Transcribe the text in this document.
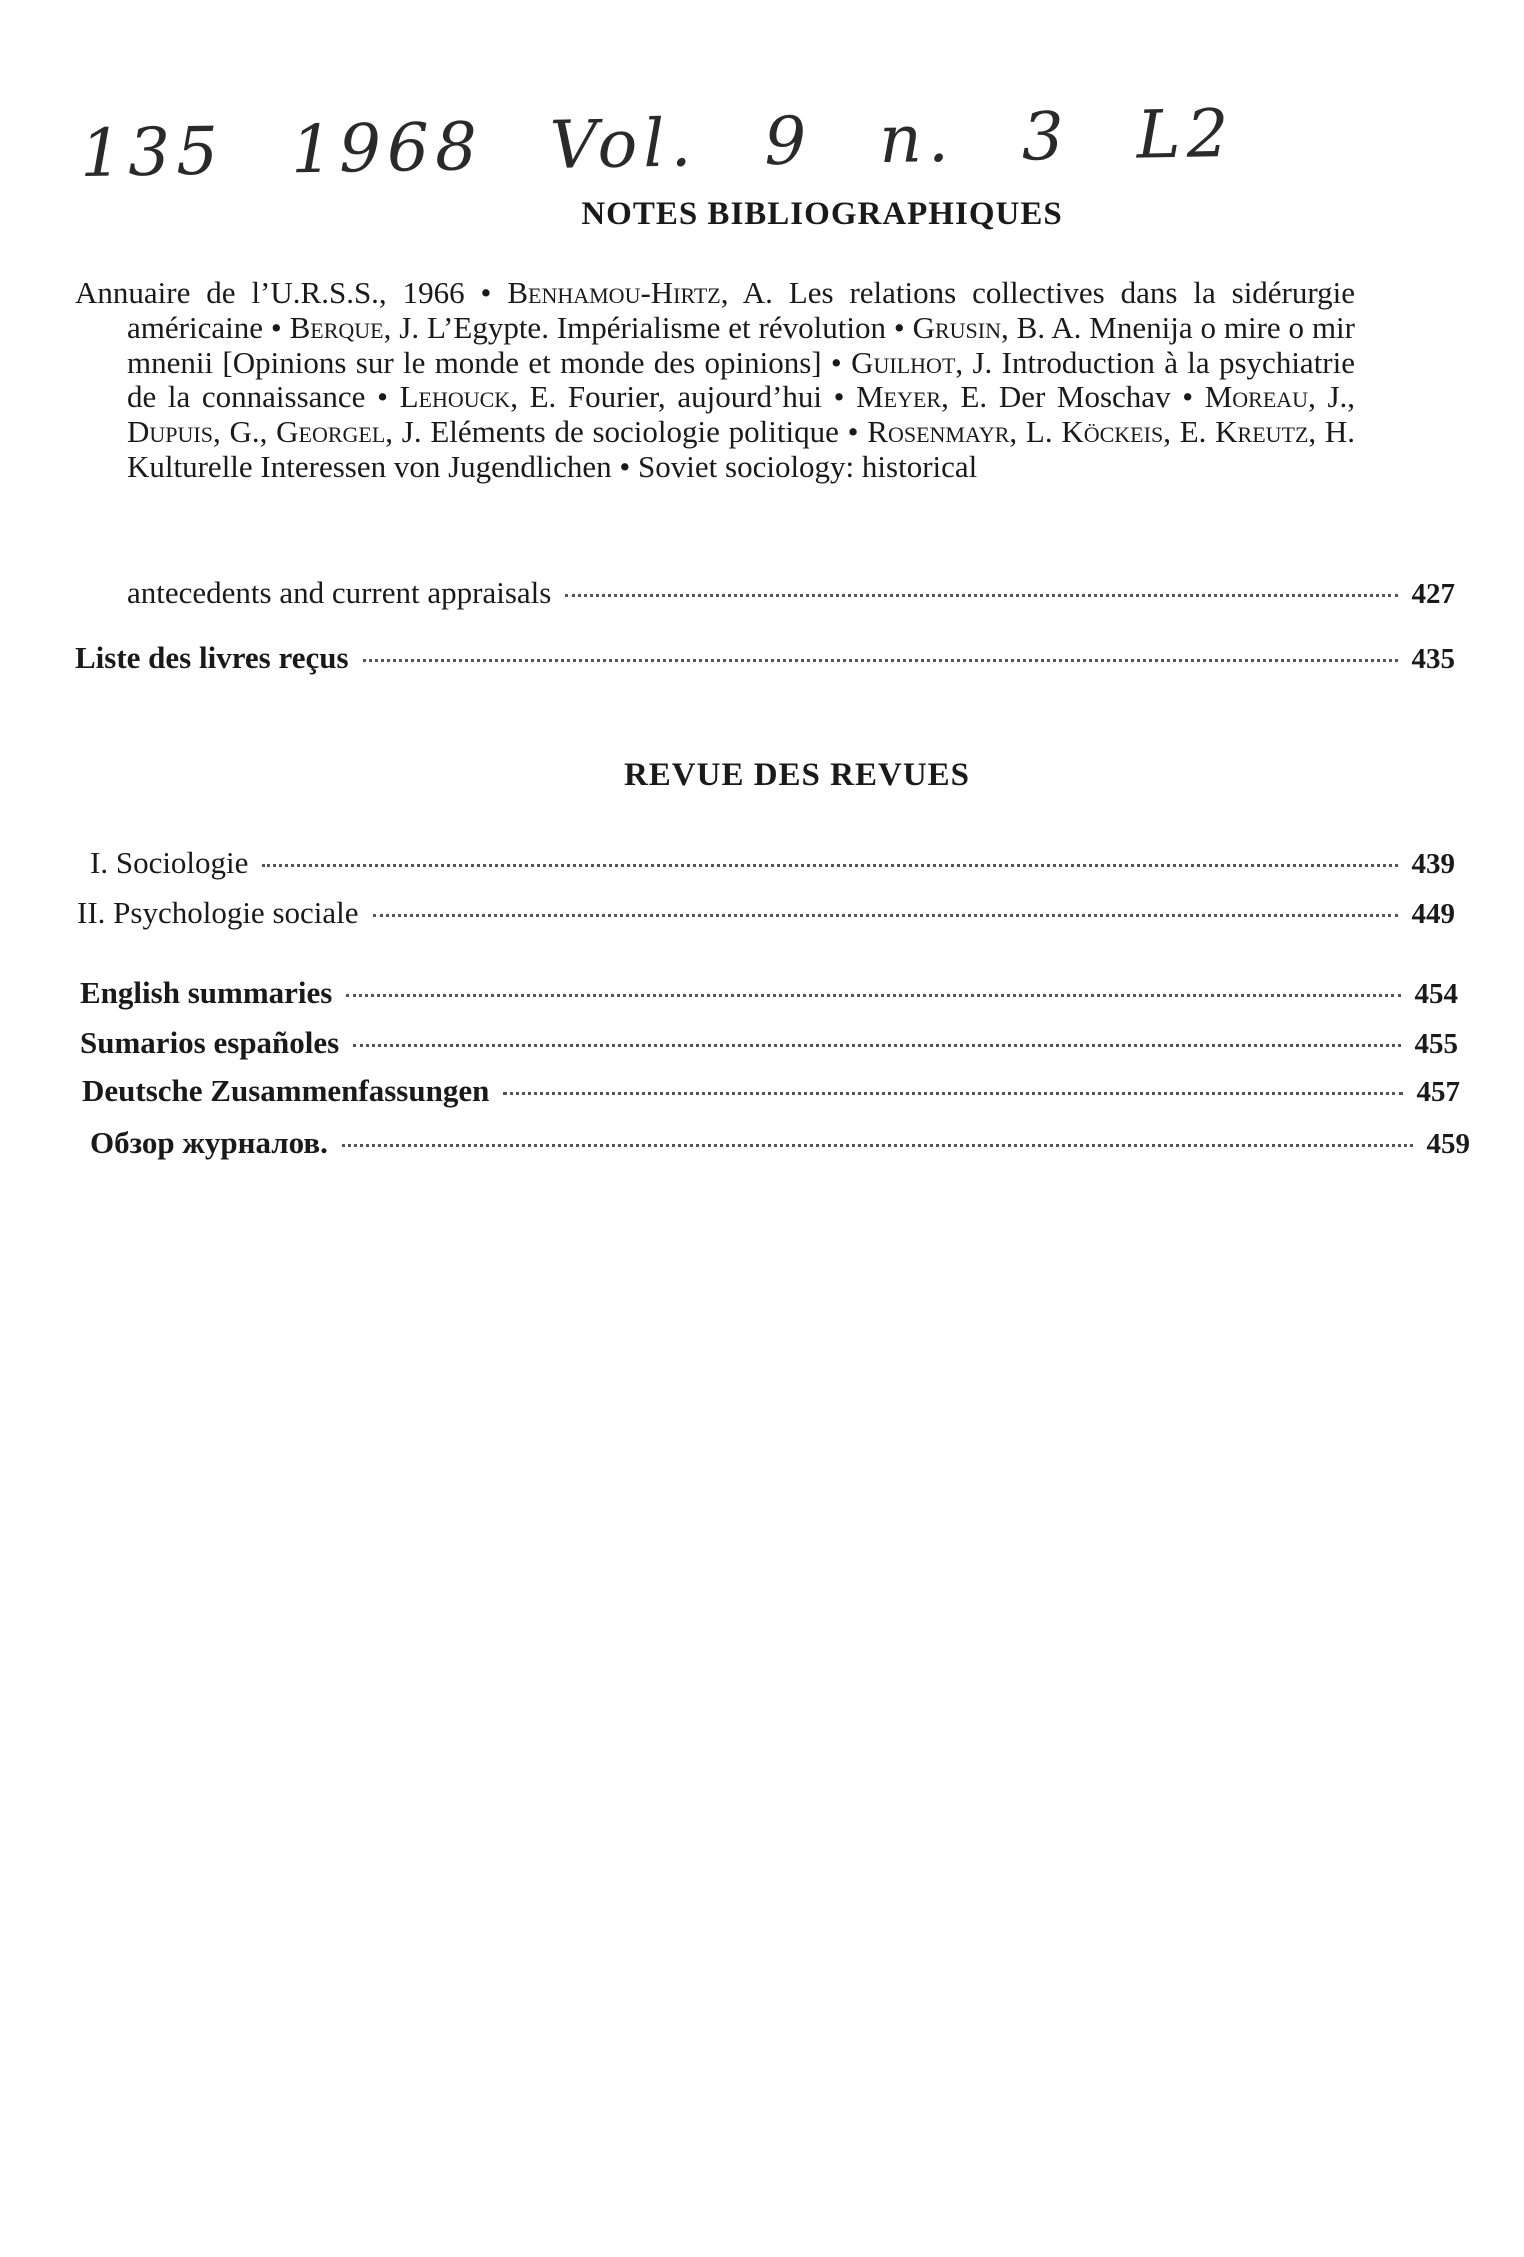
135 1968 Vol. 9 n. 3 L2
NOTES BIBLIOGRAPHIQUES

Annuaire de l’U.R.S.S., 1966 • Benhamou-Hirtz, A. Les relations collectives dans la sidérurgie américaine • Berque, J. L’Egypte. Impérialisme et révolution • Grusin, B. A. Mnenija o mire o mir mnenii [Opinions sur le monde et monde des opinions] • Guilhot, J. Introduction à la psychiatrie de la connaissance • Lehouck, E. Fourier, aujourd’hui • Meyer, E. Der Moschav • Moreau, J., Dupuis, G., Georgel, J. Eléments de sociologie politique • Rosenmayr, L. Köckeis, E. Kreutz, H. Kulturelle Interessen von Jugendlichen • Soviet sociology: historical

antecedents and current appraisals	427
Liste des livres reçus	435
REVUE DES REVUES
I. Sociologie	439
II. Psychologie sociale	449
English summaries	454
Sumarios españoles	455
Deutsche Zusammenfassungen	457
Обзор журналов.	459
